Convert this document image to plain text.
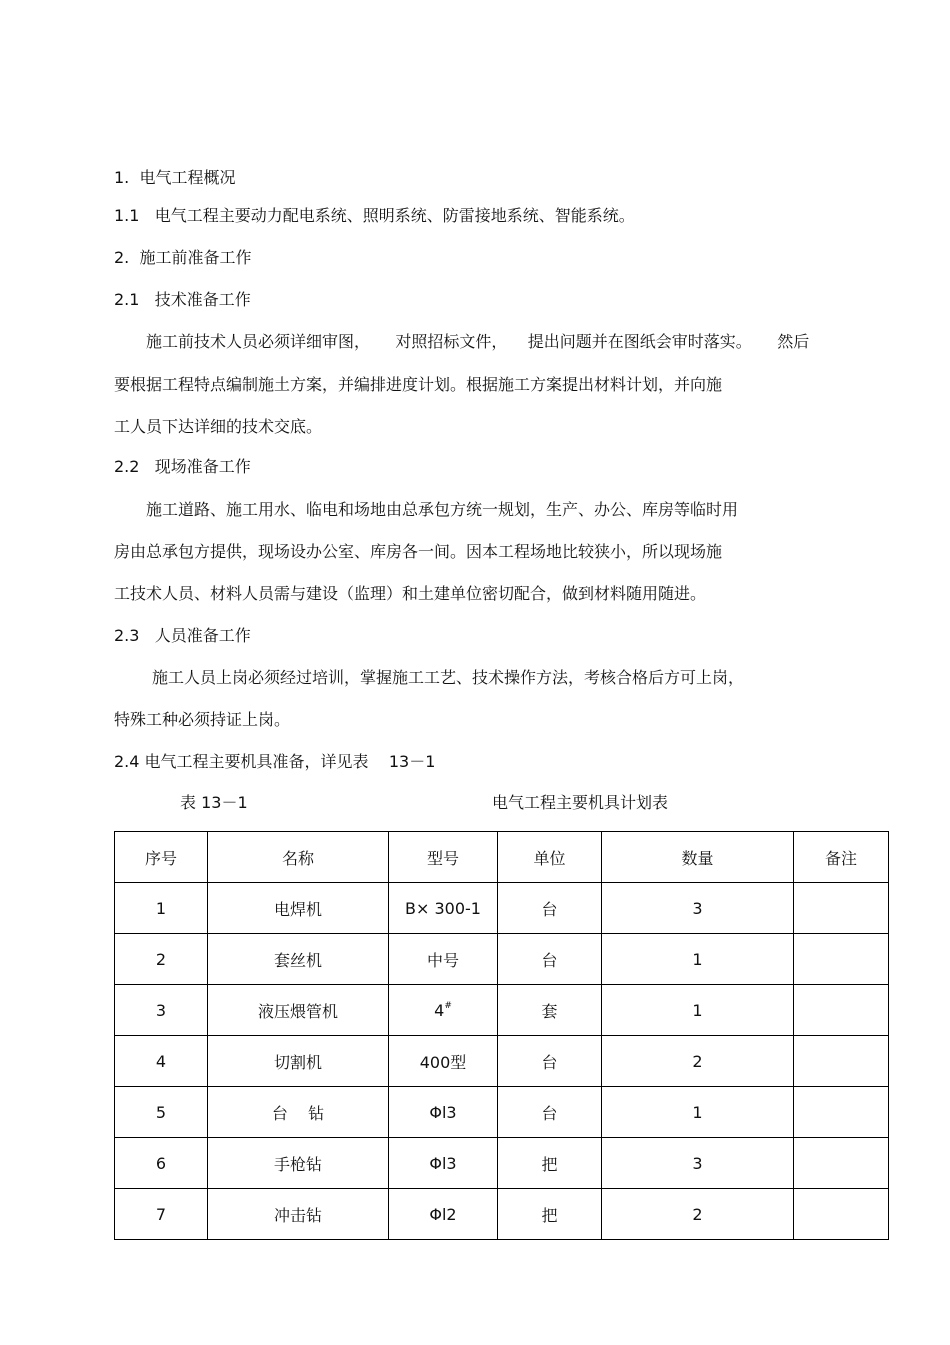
1.  电气工程概况
1.1   电气工程主要动力配电系统、照明系统、防雷接地系统、智能系统。
2.  施工前准备工作
2.1   技术准备工作
施工前技术人员必须详细审图，     对照招标文件，    提出问题并在图纸会审时落实。     然后
要根据工程特点编制施土方案，并编排进度计划。根据施工方案提出材料计划，并向施
工人员下达详细的技术交底。
2.2   现场准备工作
施工道路、施工用水、临电和场地由总承包方统一规划，生产、办公、库房等临时用
房由总承包方提供，现场设办公室、库房各一间。因本工程场地比较狭小，所以现场施
工技术人员、材料人员需与建设（监理）和土建单位密切配合，做到材料随用随进。
2.3   人员准备工作
施工人员上岗必须经过培训，掌握施工工艺、技术操作方法，考核合格后方可上岗，
特殊工种必须持证上岗。
2.4 电气工程主要机具准备，详见表    13－1
表 13－1	电气工程主要机具计划表
序号	名称	型号	单位	数量	备注
1	电焊机	B× 300-1	台	3	
2	套丝机	中号	台	1	
3	液压煨管机	4#	套	1	
4	切割机	400型	台	2	
5	台    钻	Φl3	台	1	
6	手枪钻	Φl3	把	3	
7	冲击钻	Φl2	把	2	
